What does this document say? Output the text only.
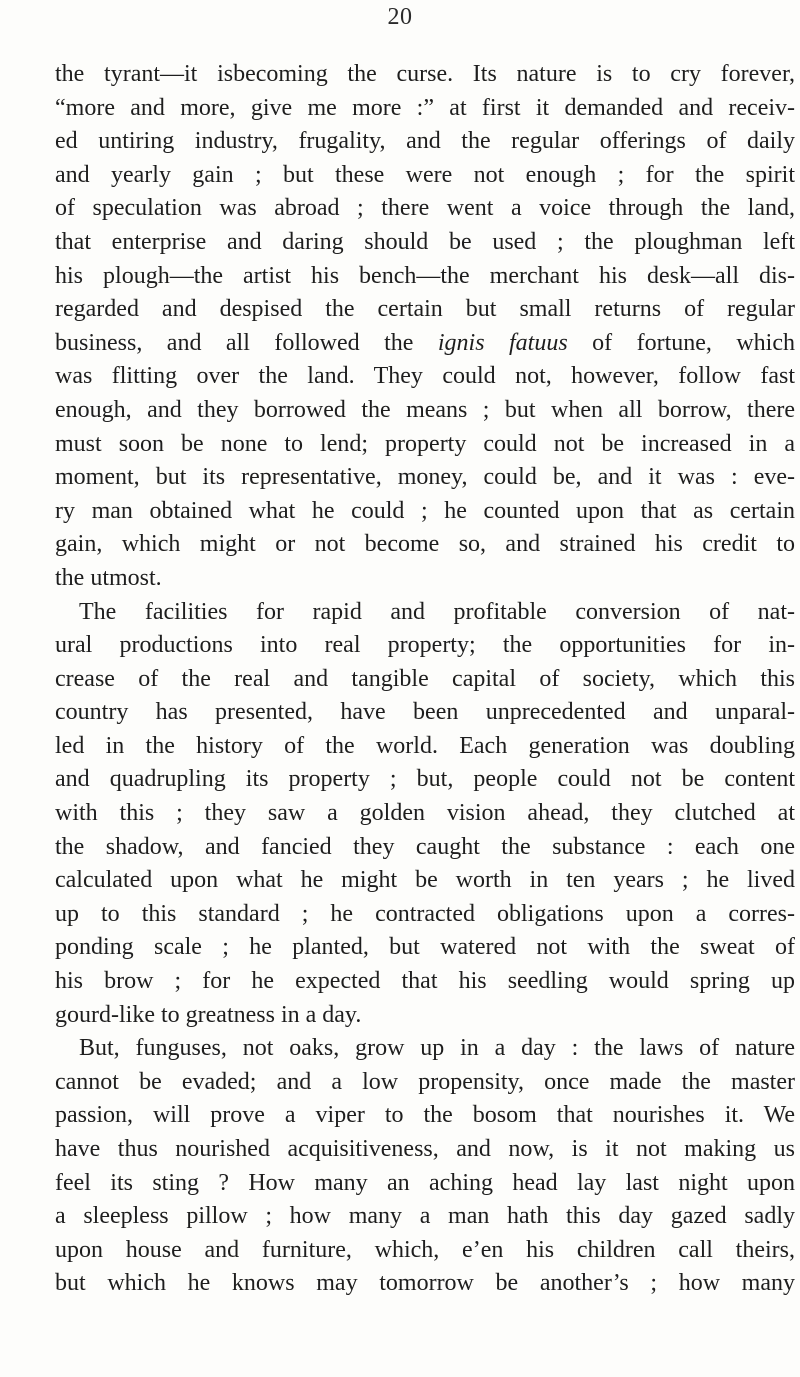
20
the tyrant—it isbecoming the curse. Its nature is to cry forever,
“more and more, give me more :” at first it demanded and receiv-
ed untiring industry, frugality, and the regular offerings of daily
and yearly gain ; but these were not enough ; for the spirit
of speculation was abroad ; there went a voice through the land,
that enterprise and daring should be used ; the ploughman left
his plough—the artist his bench—the merchant his desk—all dis-
regarded and despised the certain but small returns of regular
business, and all followed the ignis fatuus of fortune, which
was flitting over the land. They could not, however, follow fast
enough, and they borrowed the means ; but when all borrow, there
must soon be none to lend; property could not be increased in a
moment, but its representative, money, could be, and it was : eve-
ry man obtained what he could ; he counted upon that as certain
gain, which might or not become so, and strained his credit to
the utmost.
The facilities for rapid and profitable conversion of nat-
ural productions into real property; the opportunities for in-
crease of the real and tangible capital of society, which this
country has presented, have been unprecedented and unparal-
led in the history of the world. Each generation was doubling
and quadrupling its property ; but, people could not be content
with this ; they saw a golden vision ahead, they clutched at
the shadow, and fancied they caught the substance : each one
calculated upon what he might be worth in ten years ; he lived
up to this standard ; he contracted obligations upon a corres-
ponding scale ; he planted, but watered not with the sweat of
his brow ; for he expected that his seedling would spring up
gourd-like to greatness in a day.
But, funguses, not oaks, grow up in a day : the laws of nature
cannot be evaded; and a low propensity, once made the master
passion, will prove a viper to the bosom that nourishes it. We
have thus nourished acquisitiveness, and now, is it not making us
feel its sting ? How many an aching head lay last night upon
a sleepless pillow ; how many a man hath this day gazed sadly
upon house and furniture, which, e’en his children call theirs,
but which he knows may tomorrow be another’s ; how many
